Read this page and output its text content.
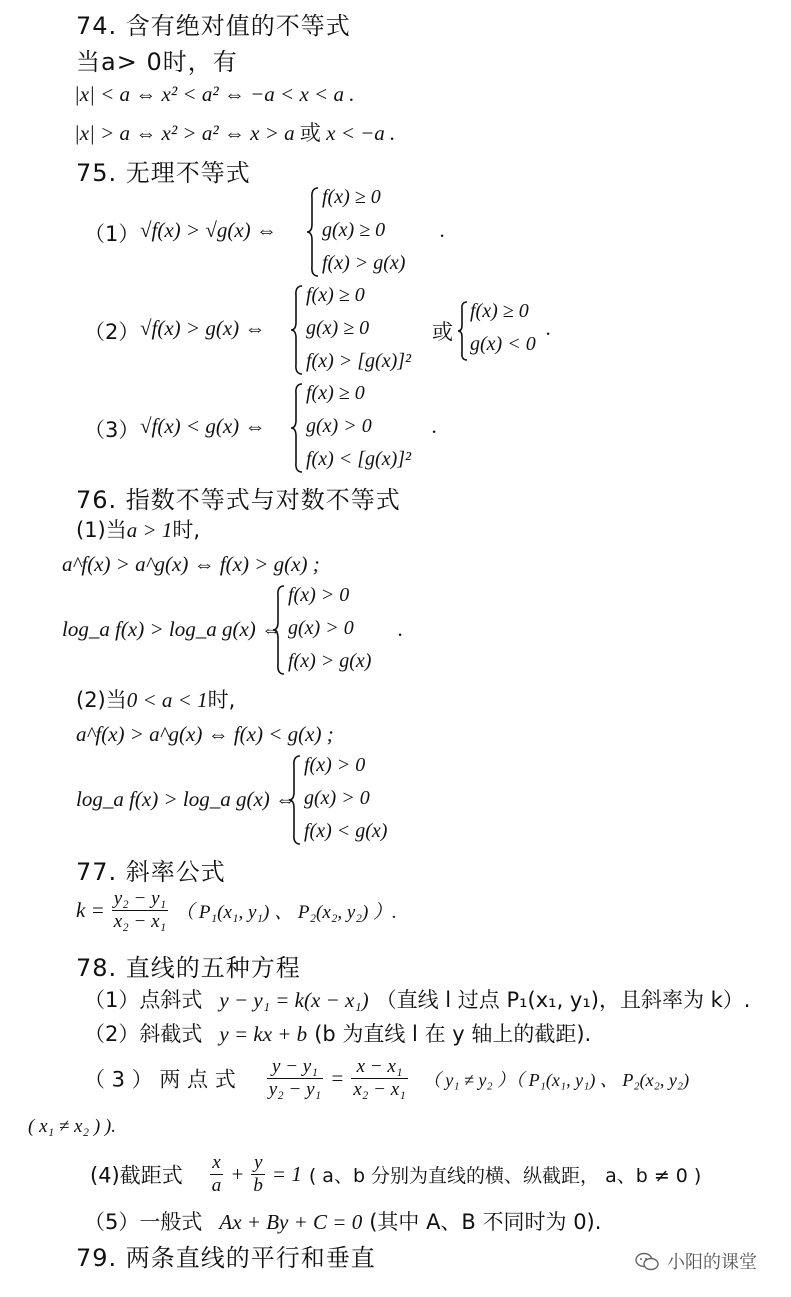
74. 含有绝对值的不等式
当a> 0时，有
|x| < a ⇔ x² < a² ⇔ −a < x < a .
|x| > a ⇔ x² > a² ⇔ x > a 或 x < −a .
75. 无理不等式
（1） √f(x) > √g(x) ⇔
f(x) ≥ 0
g(x) ≥ 0
f(x) > g(x)
.
（2） √f(x) > g(x) ⇔
f(x) ≥ 0
g(x) ≥ 0
f(x) > [g(x)]²
或
f(x) ≥ 0
g(x) < 0
.
（3） √f(x) < g(x) ⇔
f(x) ≥ 0
g(x) > 0
f(x) < [g(x)]²
.
76. 指数不等式与对数不等式
(1)当a > 1时,
a^f(x) > a^g(x) ⇔ f(x) > g(x) ;
log_a f(x) > log_a g(x) ⇔
f(x) > 0
g(x) > 0
f(x) > g(x)
.
(2)当0 < a < 1时,
a^f(x) > a^g(x) ⇔ f(x) < g(x) ;
log_a f(x) > log_a g(x) ⇔
f(x) > 0
g(x) > 0
f(x) < g(x)
77. 斜率公式
$k = \frac{\text{y₂ − y₁}}{\text{x₂ − x₁}}$ （ P₁(x₁, y₁) 、 P₂(x₂, y₂) ）.
78. 直线的五种方程
（1）点斜式 y − y₁ = k(x − x₁) （直线 l 过点 P₁(x₁, y₁)，且斜率为 k）.
（2）斜截式 y = kx + b (b 为直线 l 在 y 轴上的截距).
（ 3 ） 两 点 式 $\frac{\text{y − y₁}}{\text{y₂ − y₁}} = \frac{\text{x − x₁}}{\text{x₂ − x₁}}$ （ y₁ ≠ y₂ ）（ P₁(x₁, y₁) 、 P₂(x₂, y₂)
( x₁ ≠ x₂ ) ).
(4)截距式 $\frac{x}{a} + \frac{y}{b} = 1$ ( a、b 分别为直线的横、纵截距， a、b ≠ 0 )
（5）一般式 Ax + By + C = 0 (其中 A、B 不同时为 0).
79. 两条直线的平行和垂直	小阳的课堂
